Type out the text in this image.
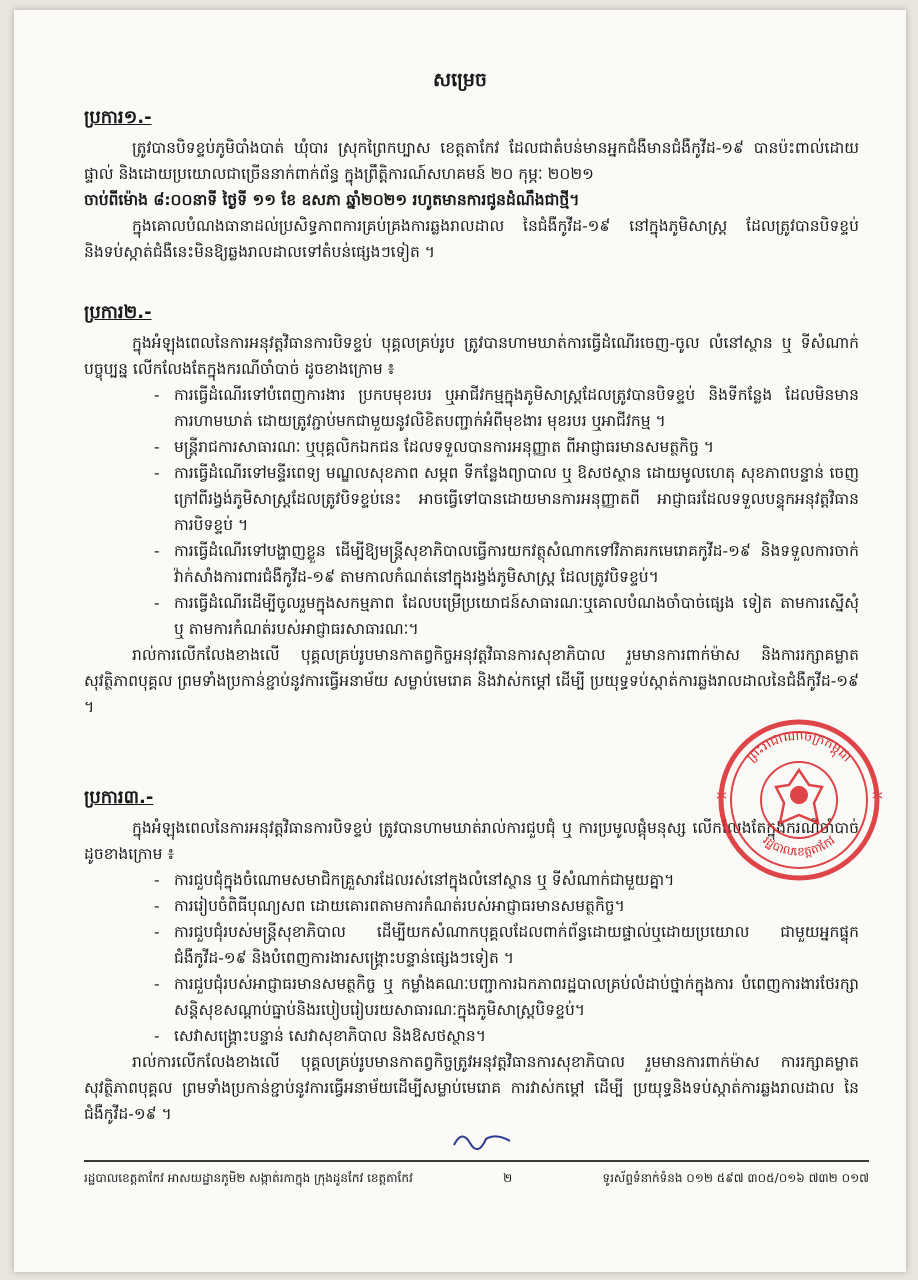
សម្រេច
ប្រការ១.-

ត្រូវបានបិទខ្ទប់ភូមិបាំងបាត់ ឃុំបារ ស្រុកព្រៃកប្បាស ខេត្តតាកែវ ដែលជាតំបន់មានអ្នកជំងឺមានជំងឺកូវីដ-១៩ បានប៉ះពាល់ដោយផ្ទាល់ និងដោយប្រយោលជាច្រើននាក់ពាក់ព័ន្ធ ក្នុងព្រឹត្តិការណ៍សហគមន៍ ២០ កុម្ភៈ ២០២១

ចាប់ពីម៉ោង ៨:០០នាទី ថ្ងៃទី ១១ ខែ ឧសភា ឆ្នាំ២០២១ រហូតមានការជូនដំណឹងជាថ្មី។

ក្នុងគោលបំណងធានាដល់ប្រសិទ្ធភាពការគ្រប់គ្រងការឆ្លងរាលដាល នៃជំងឺកូវីដ-១៩ នៅក្នុងភូមិសាស្ត្រ ដែលត្រូវបានបិទខ្ទប់ និងទប់ស្កាត់ជំងឺនេះមិនឱ្យឆ្លងរាលដាលទៅតំបន់ផ្សេងៗទៀត ។

ប្រការ២.-

ក្នុងអំឡុងពេលនៃការអនុវត្តវិធានការបិទខ្ទប់ បុគ្គលគ្រប់រូប ត្រូវបានហាមឃាត់ការធ្វើដំណើរចេញ-ចូល លំនៅស្ថាន ឬ ទីសំណាក់បច្ចុប្បន្ន លើកលែងតែក្នុងករណីចាំបាច់ ដូចខាងក្រោម ៖

- ការធ្វើដំណើរទៅបំពេញការងារ ប្រកបមុខរបរ ឬអាជីវកម្មក្នុងភូមិសាស្ត្រដែលត្រូវបានបិទខ្ទប់ និងទីកន្លែង ដែលមិនមានការហាមឃាត់ ដោយត្រូវភ្ជាប់មកជាមួយនូវលិខិតបញ្ជាក់អំពីមុខងារ មុខរបរ ឬអាជីវកម្ម ។
- មន្ត្រីរាជការសាធារណៈ ឬបុគ្គលិកឯកជន ដែលទទួលបានការអនុញ្ញាត ពីអាជ្ញាធរមានសមត្ថកិច្ច ។
- ការធ្វើដំណើរទៅមន្ទីរពេទ្យ មណ្ឌលសុខភាព សម្ភព ទីកន្លែងព្យាបាល ឬ ឱសថស្ថាន ដោយមូលហេតុ សុខភាពបន្ទាន់ ចេញក្រៅពីរង្វង់ភូមិសាស្ត្រដែលត្រូវបិទខ្ទប់នេះ អាចធ្វើទៅបានដោយមានការអនុញ្ញាតពី អាជ្ញាធរដែលទទួលបន្ទុកអនុវត្តវិធានការបិទខ្ទប់ ។
- ការធ្វើដំណើរទៅបង្ហាញខ្លួន ដើម្បីឱ្យមន្ត្រីសុខាភិបាលធ្វើការយកវត្ថុសំណាកទៅវិភាគរកមេរោគកូវីដ-១៩ និងទទួលការចាក់វ៉ាក់សាំងការពារជំងឺកូវីដ-១៩ តាមកាលកំណត់នៅក្នុងរង្វង់ភូមិសាស្ត្រ ដែលត្រូវបិទខ្ទប់។
- ការធ្វើដំណើរដើម្បីចូលរួមក្នុងសកម្មភាព ដែលបម្រើប្រយោជន៍សាធារណៈឬគោលបំណងចាំបាច់ផ្សេង ទៀត តាមការស្នើសុំ ឬ តាមការកំណត់របស់អាជ្ញាធរសាធារណៈ។

រាល់ការលើកលែងខាងលើ បុគ្គលគ្រប់រូបមានកាតព្វកិច្ចអនុវត្តវិធានការសុខាភិបាល រួមមានការពាក់ម៉ាស និងការរក្សាគម្លាតសុវត្ថិភាពបុគ្គល ព្រមទាំងប្រកាន់ខ្ជាប់នូវការធ្វើអនាម័យ សម្លាប់មេរោគ និងវាស់កម្ដៅ ដើម្បី ប្រយុទ្ធទប់ស្កាត់ការឆ្លងរាលដាលនៃជំងឺកូវីដ-១៩ ។

ប្រការ៣.-

ក្នុងអំឡុងពេលនៃការអនុវត្តវិធានការបិទខ្ទប់ ត្រូវបានហាមឃាត់រាល់ការជួបជុំ ឬ ការប្រមូលផ្តុំមនុស្ស លើកលែងតែក្នុងករណីចាំបាច់ ដូចខាងក្រោម ៖

- ការជួបជុំក្នុងចំណោមសមាជិកគ្រួសារដែលរស់នៅក្នុងលំនៅស្ថាន ឬ ទីសំណាក់ជាមួយគ្នា។
- ការរៀបចំពិធីបុណ្យសព ដោយគោរពតាមការកំណត់របស់អាជ្ញាធរមានសមត្ថកិច្ច។
- ការជួបជុំរបស់មន្ត្រីសុខាភិបាល ដើម្បីយកសំណាកបុគ្គលដែលពាក់ព័ន្ធដោយផ្ទាល់ឬដោយប្រយោល ជាមួយអ្នកផ្ទុកជំងឺកូវីដ-១៩ និងបំពេញការងារសង្គ្រោះបន្ទាន់ផ្សេងៗទៀត ។
- ការជួបជុំរបស់អាជ្ញាធរមានសមត្ថកិច្ច ឬ កម្លាំងគណៈបញ្ជាការឯកភាពរដ្ឋបាលគ្រប់លំដាប់ថ្នាក់ក្នុងការ បំពេញការងារថែរក្សាសន្តិសុខសណ្ដាប់ធ្នាប់និងរបៀបរៀបរយសាធារណៈក្នុងភូមិសាស្ត្របិទខ្ទប់។
- សេវាសង្គ្រោះបន្ទាន់ សេវាសុខាភិបាល និងឱសថស្ថាន។

រាល់ការលើកលែងខាងលើ បុគ្គលគ្រប់រូបមានកាតព្វកិច្ចត្រូវអនុវត្តវិធានការសុខាភិបាល រួមមានការពាក់ម៉ាស ការរក្សាគម្លាតសុវត្ថិភាពបុគ្គល ព្រមទាំងប្រកាន់ខ្ជាប់នូវការធ្វើអនាម័យដើម្បីសម្លាប់មេរោគ ការវាស់កម្ដៅ ដើម្បី ប្រយុទ្ធនិងទប់ស្កាត់ការឆ្លងរាលដាល នៃជំងឺកូវីដ-១៩ ។

*
*
ព្រះរាជាណាចក្រកម្ពុជា
រដ្ឋបាលខេត្តតាកែវ
រដ្ឋបាលខេត្តតាកែវ អាសយដ្ឋានភូមិ២ សង្កាត់រកាក្នុង ក្រុងដូនកែវ ខេត្តតាកែវ	២	ទូរស័ព្ទទំនាក់ទំនង ០១២ ៥៩៧ ៣០៥/០១៦ ៧៣២ ០១៧
